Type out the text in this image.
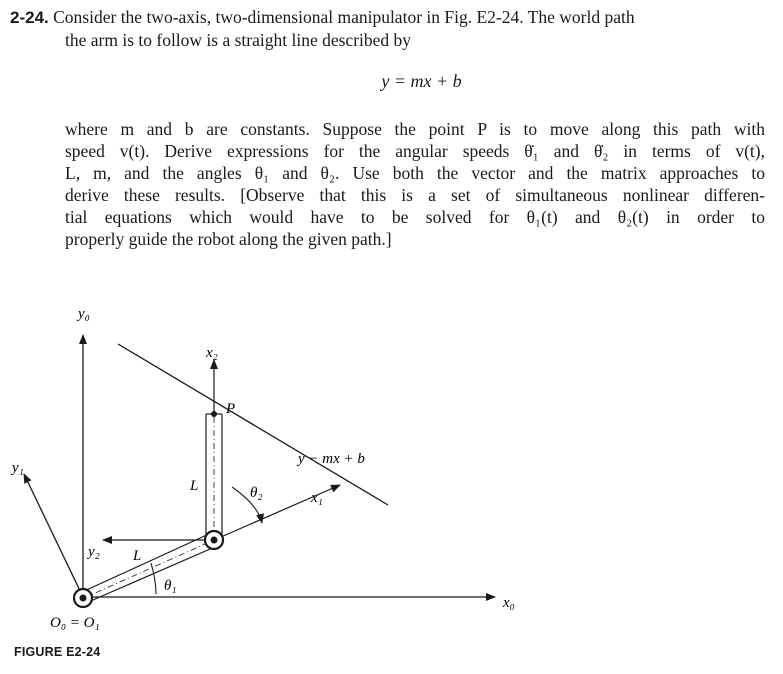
2-24. Consider the two-axis, two-dimensional manipulator in Fig. E2-24. The world path
the arm is to follow is a straight line described by
y = mx + b
where m and b are constants. Suppose the point P is to move along this path with
speed v(t). Derive expressions for the angular speeds θ̇₁ and θ̇₂ in terms of v(t),
L, m, and the angles θ₁ and θ₂. Use both the vector and the matrix approaches to
derive these results. [Observe that this is a set of simultaneous nonlinear differen-
tial equations which would have to be solved for θ₁(t) and θ₂(t) in order to
properly guide the robot along the given path.]
y₀
y₁
y₂
x₀
x₁
x₂
L
L
θ₁
θ₂
P
y − mx + b
O₀ = O₁
FIGURE E2-24
